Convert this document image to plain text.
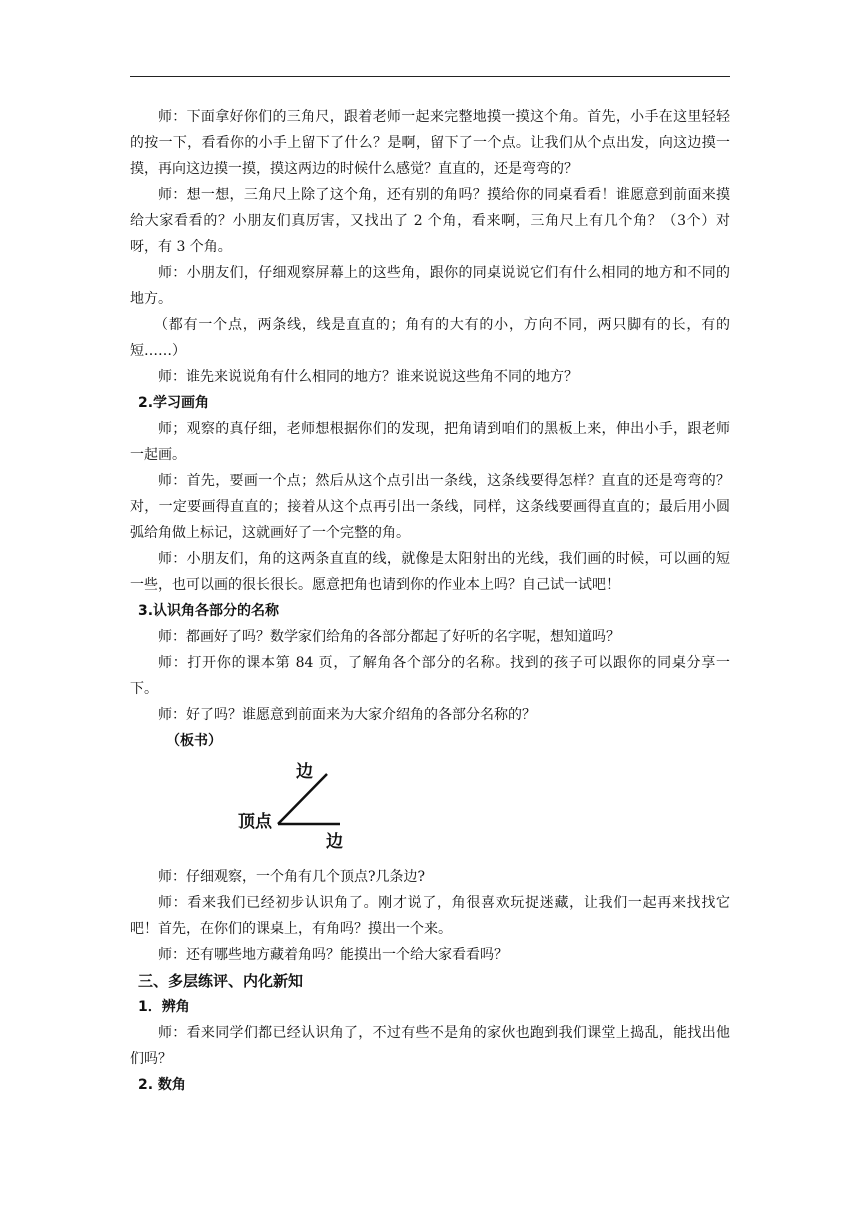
师：下面拿好你们的三角尺，跟着老师一起来完整地摸一摸这个角。首先，小手在这里轻轻的按一下，看看你的小手上留下了什么？是啊，留下了一个点。让我们从个点出发，向这边摸一摸，再向这边摸一摸，摸这两边的时候什么感觉？直直的，还是弯弯的？

师：想一想，三角尺上除了这个角，还有别的角吗？摸给你的同桌看看！谁愿意到前面来摸给大家看看的？小朋友们真厉害，又找出了 2 个角，看来啊，三角尺上有几个角？（3个）对呀，有 3 个角。

师：小朋友们，仔细观察屏幕上的这些角，跟你的同桌说说它们有什么相同的地方和不同的地方。

（都有一个点，两条线，线是直直的；角有的大有的小，方向不同，两只脚有的长，有的短……）

师：谁先来说说角有什么相同的地方？谁来说说这些角不同的地方？

2.学习画角

师；观察的真仔细，老师想根据你们的发现，把角请到咱们的黑板上来，伸出小手，跟老师一起画。

师：首先，要画一个点；然后从这个点引出一条线，这条线要得怎样？直直的还是弯弯的？对，一定要画得直直的；接着从这个点再引出一条线，同样，这条线要画得直直的；最后用小圆弧给角做上标记，这就画好了一个完整的角。

师：小朋友们，角的这两条直直的线，就像是太阳射出的光线，我们画的时候，可以画的短一些，也可以画的很长很长。愿意把角也请到你的作业本上吗？自己试一试吧！

3.认识角各部分的名称

师：都画好了吗？数学家们给角的各部分都起了好听的名字呢，想知道吗？

师：打开你的课本第 84 页，了解角各个部分的名称。找到的孩子可以跟你的同桌分享一下。

师：好了吗？谁愿意到前面来为大家介绍角的各部分名称的？

（板书）

边
顶点
边

师：仔细观察，一个角有几个顶点?几条边?

师：看来我们已经初步认识角了。刚才说了，角很喜欢玩捉迷藏，让我们一起再来找找它吧！首先，在你们的课桌上，有角吗？摸出一个来。

师：还有哪些地方藏着角吗？能摸出一个给大家看看吗？

三、多层练评、内化新知

1．辨角

师：看来同学们都已经认识角了，不过有些不是角的家伙也跑到我们课堂上捣乱，能找出他们吗？

2. 数角
